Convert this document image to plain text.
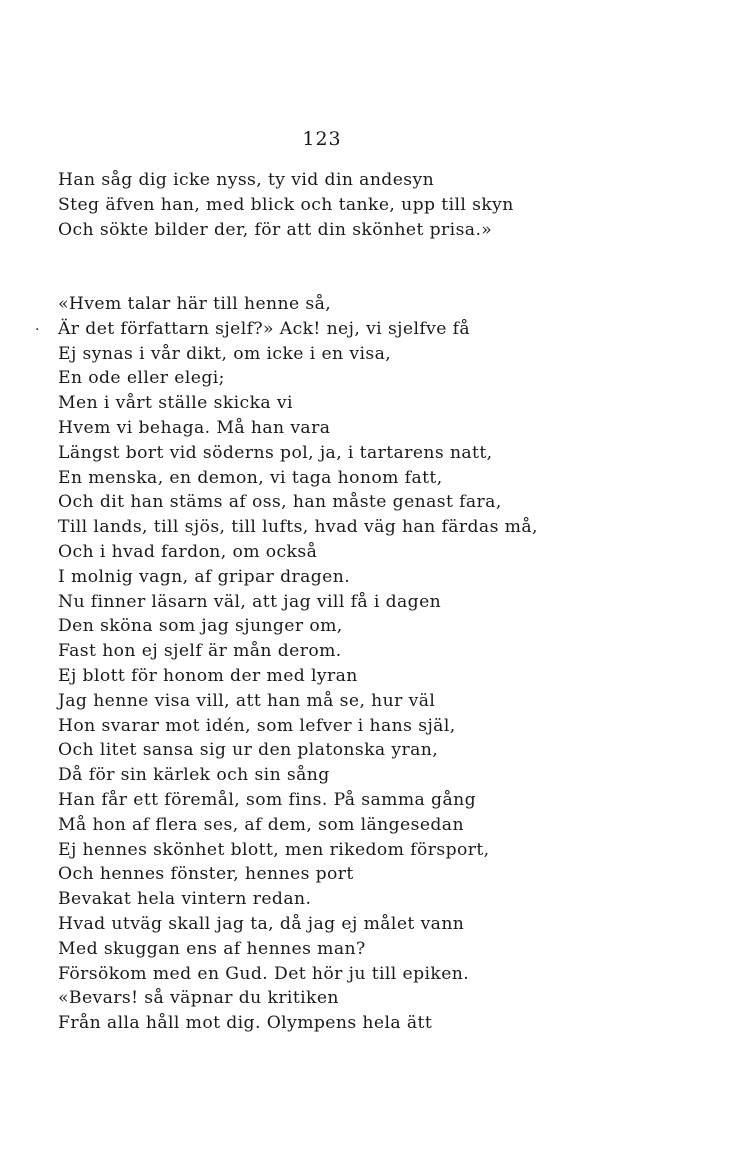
123
.
Han såg dig icke nyss, ty vid din andesyn
Steg äfven han, med blick och tanke, upp till skyn
Och sökte bilder der, för att din skönhet prisa.»
«Hvem talar här till henne så,
Är det författarn sjelf?» Ack! nej, vi sjelfve få
Ej synas i vår dikt, om icke i en visa,
En ode eller elegi;
Men i vårt ställe skicka vi
Hvem vi behaga. Må han vara
Längst bort vid söderns pol, ja, i tartarens natt,
En menska, en demon, vi taga honom fatt,
Och dit han stäms af oss, han måste genast fara,
Till lands, till sjös, till lufts, hvad väg han färdas må,
Och i hvad fardon, om också
I molnig vagn, af gripar dragen.
Nu finner läsarn väl, att jag vill få i dagen
Den sköna som jag sjunger om,
Fast hon ej sjelf är mån derom.
Ej blott för honom der med lyran
Jag henne visa vill, att han må se, hur väl
Hon svarar mot idén, som lefver i hans själ,
Och litet sansa sig ur den platonska yran,
Då för sin kärlek och sin sång
Han får ett föremål, som fins. På samma gång
Må hon af flera ses, af dem, som längesedan
Ej hennes skönhet blott, men rikedom försport,
Och hennes fönster, hennes port
Bevakat hela vintern redan.
Hvad utväg skall jag ta, då jag ej målet vann
Med skuggan ens af hennes man?
Försökom med en Gud. Det hör ju till epiken.
«Bevars! så väpnar du kritiken
Från alla håll mot dig. Olympens hela ätt
